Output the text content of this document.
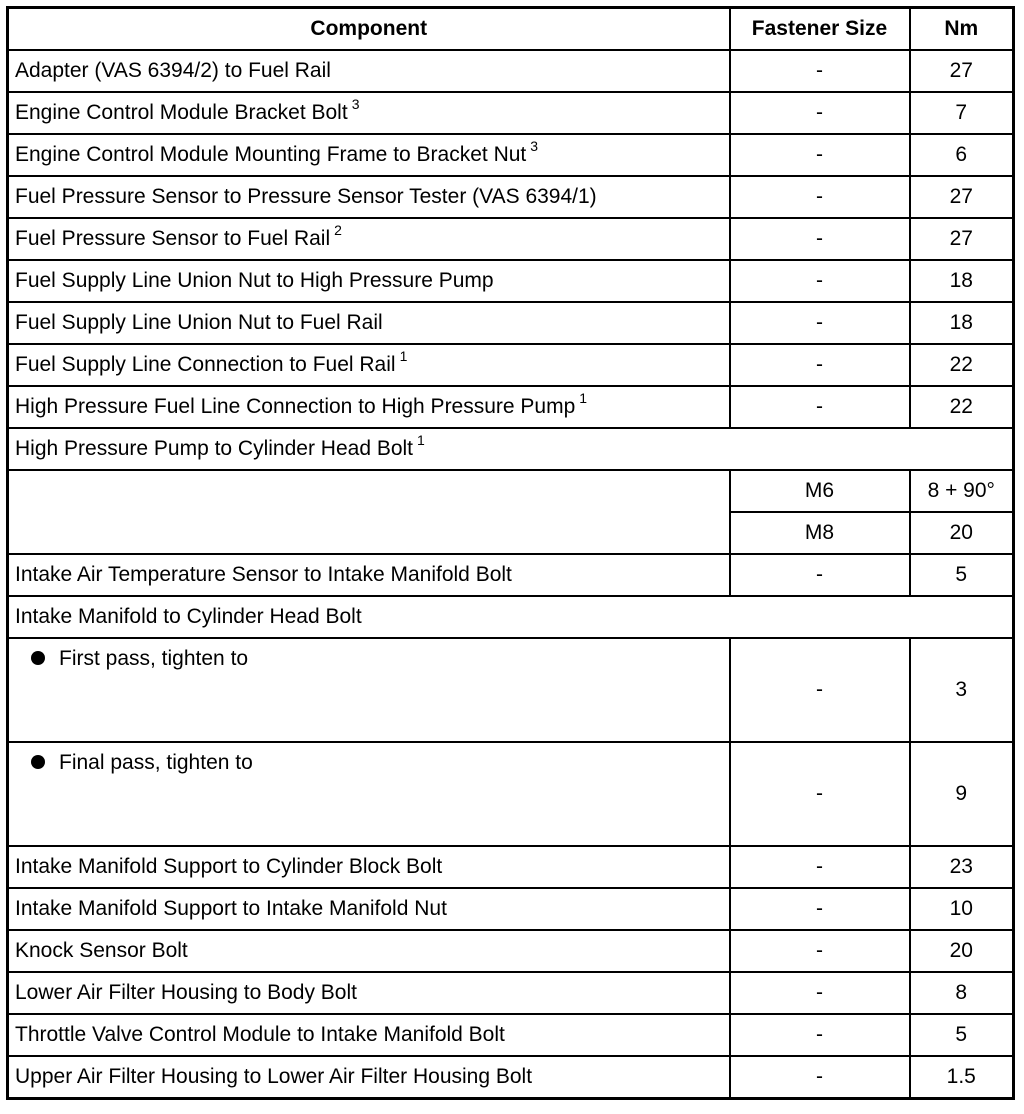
Component	Fastener Size	Nm
Adapter (VAS 6394/2) to Fuel Rail	-	27
Engine Control Module Bracket Bolt $^3$	-	7
Engine Control Module Mounting Frame to Bracket Nut $^3$	-	6
Fuel Pressure Sensor to Pressure Sensor Tester (VAS 6394/1)	-	27
Fuel Pressure Sensor to Fuel Rail $^2$	-	27
Fuel Supply Line Union Nut to High Pressure Pump	-	18
Fuel Supply Line Union Nut to Fuel Rail	-	18
Fuel Supply Line Connection to Fuel Rail $^1$	-	22
High Pressure Fuel Line Connection to High Pressure Pump $^1$	-	22
High Pressure Pump to Cylinder Head Bolt $^1$
	M6	8 + 90°
	M8	20
Intake Air Temperature Sensor to Intake Manifold Bolt	-	5
Intake Manifold to Cylinder Head Bolt		
First pass, tighten to	-	3
Final pass, tighten to	-	9
Intake Manifold Support to Cylinder Block Bolt	-	23
Intake Manifold Support to Intake Manifold Nut	-	10
Knock Sensor Bolt	-	20
Lower Air Filter Housing to Body Bolt	-	8
Throttle Valve Control Module to Intake Manifold Bolt	-	5
Upper Air Filter Housing to Lower Air Filter Housing Bolt	-	1.5
